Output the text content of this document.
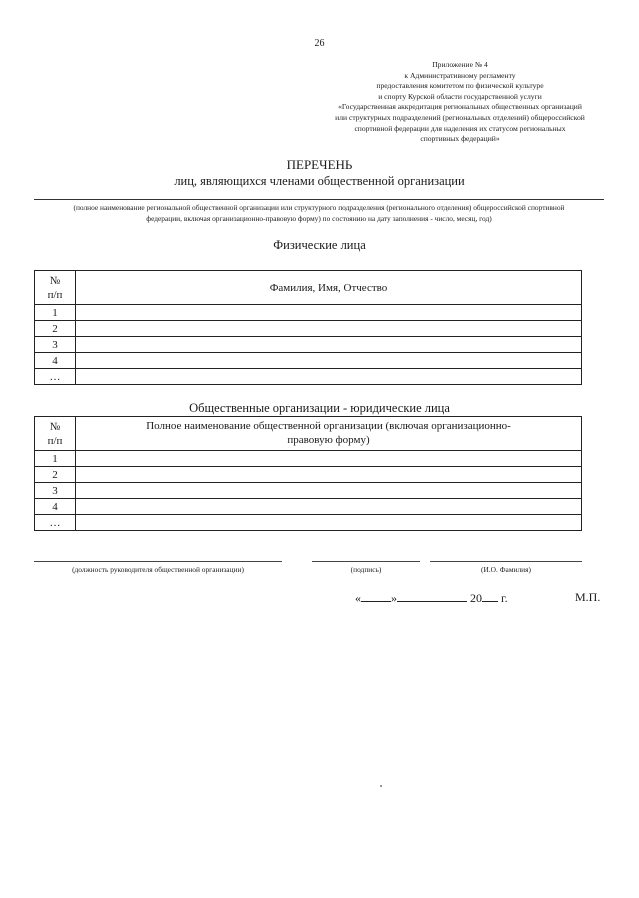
26
Приложение № 4
к Административному регламенту
предоставления комитетом по физической культуре
и спорту Курской области государственной услуги
«Государственная аккредитация региональных общественных организаций
или структурных подразделений (региональных отделений) общероссийской
спортивной федерации для наделения их статусом региональных
спортивных федераций»
ПЕРЕЧЕНЬ
лиц, являющихся членами общественной организации
(полное наименование региональной общественной организации или структурного подразделения (регионального отделения) общероссийской спортивной
федерации, включая организационно-правовую форму) по состоянию на дату заполнения - число, месяц, год)
Физические лица
№
п/п	Фамилия, Имя, Отчество
1	
2	
3	
4	
…	
Общественные организации - юридические лица
№
п/п	Полное наименование общественной организации (включая организационно-
правовую форму)
1	
2	
3	
4	
…	
(должность руководителя общественной организации)	(подпись)	(И.О. Фамилия)
«	»	20 г.	М.П.
